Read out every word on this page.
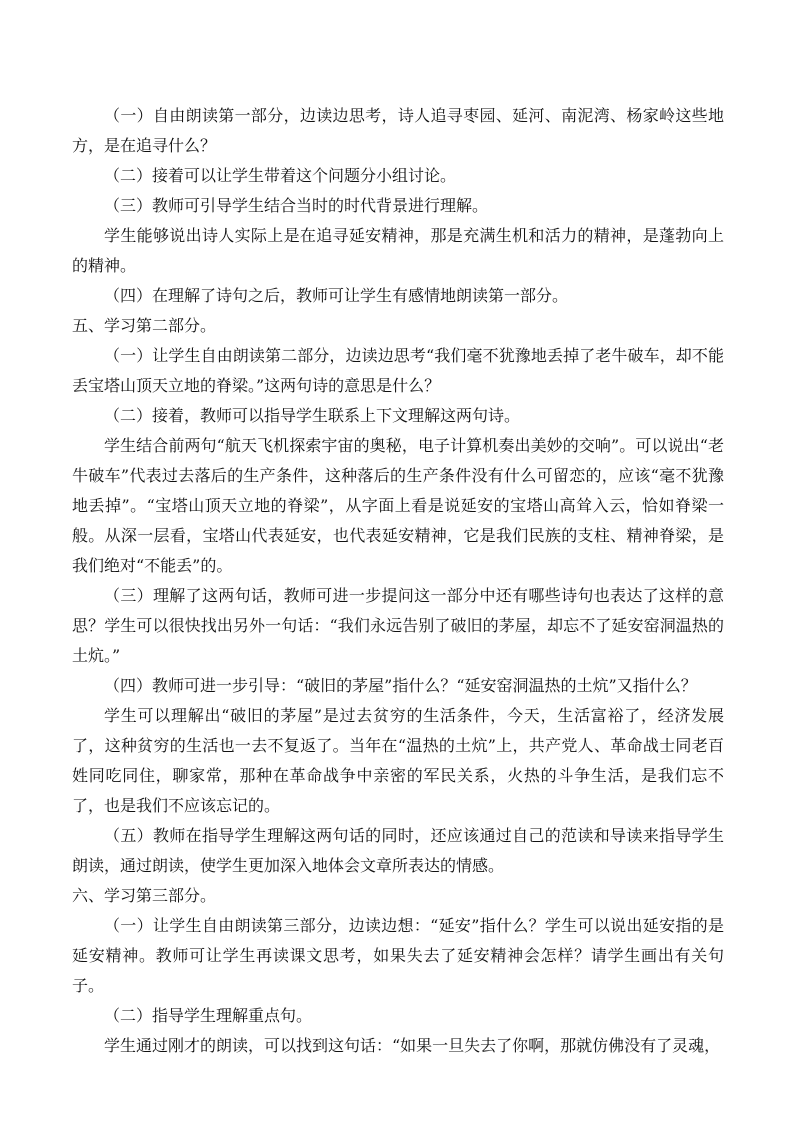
（一）自由朗读第一部分，边读边思考，诗人追寻枣园、延河、南泥湾、杨家岭这些地方，是在追寻什么？

（二）接着可以让学生带着这个问题分小组讨论。

（三）教师可引导学生结合当时的时代背景进行理解。

学生能够说出诗人实际上是在追寻延安精神，那是充满生机和活力的精神，是蓬勃向上的精神。

（四）在理解了诗句之后，教师可让学生有感情地朗读第一部分。

五、学习第二部分。

（一）让学生自由朗读第二部分，边读边思考“我们毫不犹豫地丢掉了老牛破车，却不能丢宝塔山顶天立地的脊梁。”这两句诗的意思是什么？

（二）接着，教师可以指导学生联系上下文理解这两句诗。

学生结合前两句“航天飞机探索宇宙的奥秘，电子计算机奏出美妙的交响”。可以说出“老牛破车”代表过去落后的生产条件，这种落后的生产条件没有什么可留恋的，应该“毫不犹豫地丢掉”。“宝塔山顶天立地的脊梁”，从字面上看是说延安的宝塔山高耸入云，恰如脊梁一般。从深一层看，宝塔山代表延安，也代表延安精神，它是我们民族的支柱、精神脊梁，是我们绝对“不能丢”的。

（三）理解了这两句话，教师可进一步提问这一部分中还有哪些诗句也表达了这样的意思？学生可以很快找出另外一句话：“我们永远告别了破旧的茅屋，却忘不了延安窑洞温热的土炕。”

（四）教师可进一步引导：“破旧的茅屋”指什么？“延安窑洞温热的土炕”又指什么？

学生可以理解出“破旧的茅屋”是过去贫穷的生活条件，今天，生活富裕了，经济发展了，这种贫穷的生活也一去不复返了。当年在“温热的土炕”上，共产党人、革命战士同老百姓同吃同住，聊家常，那种在革命战争中亲密的军民关系，火热的斗争生活，是我们忘不了，也是我们不应该忘记的。

（五）教师在指导学生理解这两句话的同时，还应该通过自己的范读和导读来指导学生朗读，通过朗读，使学生更加深入地体会文章所表达的情感。

六、学习第三部分。

（一）让学生自由朗读第三部分，边读边想：“延安”指什么？学生可以说出延安指的是延安精神。教师可让学生再读课文思考，如果失去了延安精神会怎样？请学生画出有关句子。

（二）指导学生理解重点句。

学生通过刚才的朗读，可以找到这句话：“如果一旦失去了你啊，那就仿佛没有了灵魂，
